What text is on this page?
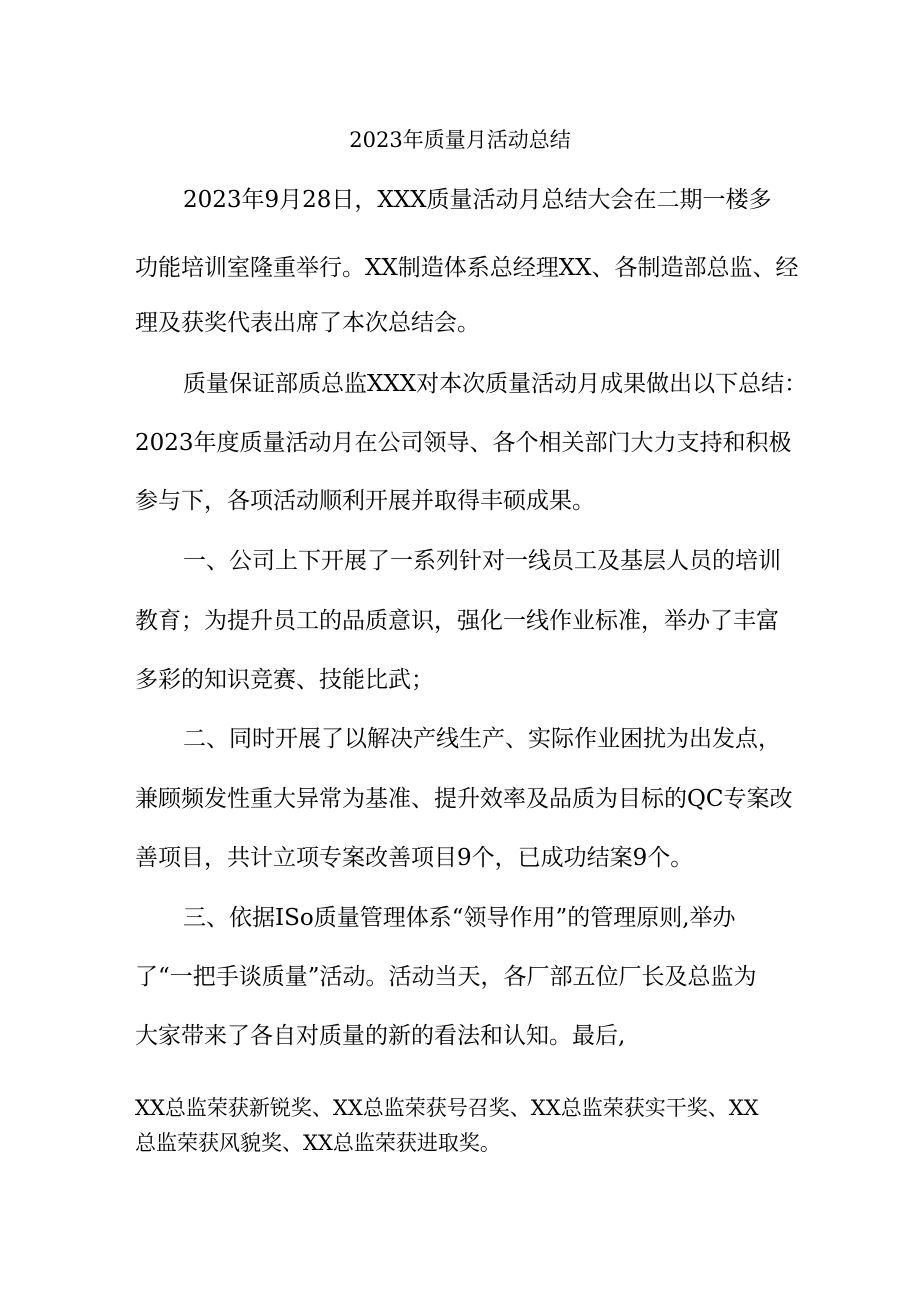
2023年质量月活动总结
2023年9月28日，XXX质量活动月总结大会在二期一楼多
功能培训室隆重举行。XX制造体系总经理XX、各制造部总监、经
理及获奖代表出席了本次总结会。
质量保证部质总监XXX对本次质量活动月成果做出以下总结：
2023年度质量活动月在公司领导、各个相关部门大力支持和积极
参与下，各项活动顺利开展并取得丰硕成果。
一、公司上下开展了一系列针对一线员工及基层人员的培训
教育；为提升员工的品质意识，强化一线作业标准，举办了丰富
多彩的知识竞赛、技能比武；
二、同时开展了以解决产线生产、实际作业困扰为出发点，
兼顾频发性重大异常为基准、提升效率及品质为目标的QC专案改
善项目，共计立项专案改善项目9个，已成功结案9个。
三、依据ISo质量管理体系“领导作用”的管理原则,举办
了“一把手谈质量”活动。活动当天，各厂部五位厂长及总监为
大家带来了各自对质量的新的看法和认知。最后,
XX总监荣获新锐奖、XX总监荣获号召奖、XX总监荣获实干奖、XX
总监荣获风貌奖、XX总监荣获进取奖。
